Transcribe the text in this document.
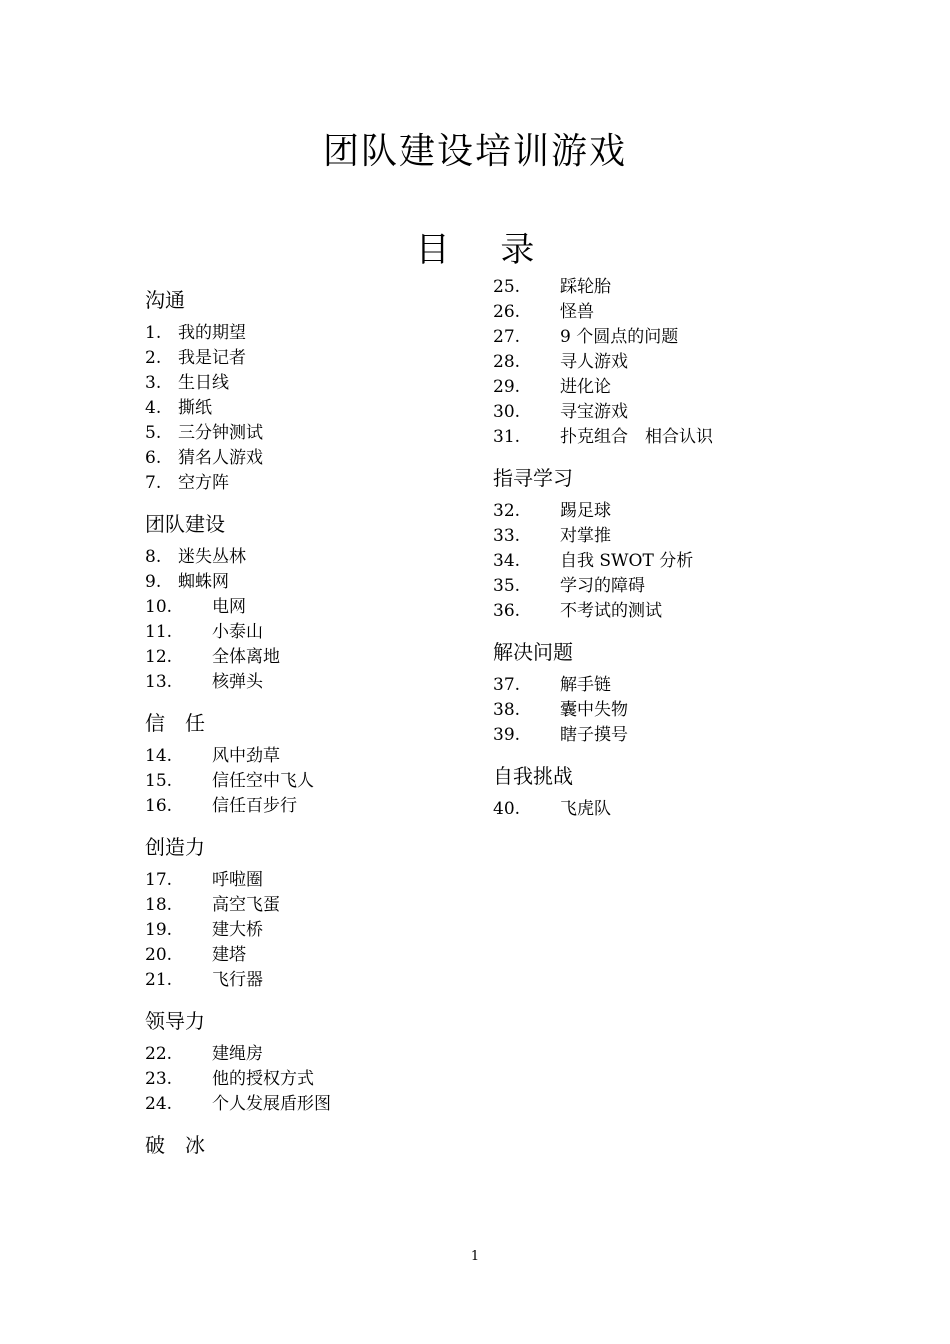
团队建设培训游戏
目 录
沟通
1. 我的期望
2. 我是记者
3. 生日线
4. 撕纸
5. 三分钟测试
6. 猜名人游戏
7. 空方阵
团队建设
8. 迷失丛林
9. 蜘蛛网
10. 电网
11. 小泰山
12. 全体离地
13. 核弹头
信　任
14. 风中劲草
15. 信任空中飞人
16. 信任百步行
创造力
17. 呼啦圈
18. 高空飞蛋
19. 建大桥
20. 建塔
21. 飞行器
领导力
22. 建绳房
23. 他的授权方式
24. 个人发展盾形图
破　冰
25. 踩轮胎
26. 怪兽
27. 9 个圆点的问题
28. 寻人游戏
29. 进化论
30. 寻宝游戏
31. 扑克组合　相合认识
指寻学习
32. 踢足球
33. 对掌推
34. 自我 SWOT 分析
35. 学习的障碍
36. 不考试的测试
解决问题
37. 解手链
38. 囊中失物
39. 瞎子摸号
自我挑战
40. 飞虎队
1
